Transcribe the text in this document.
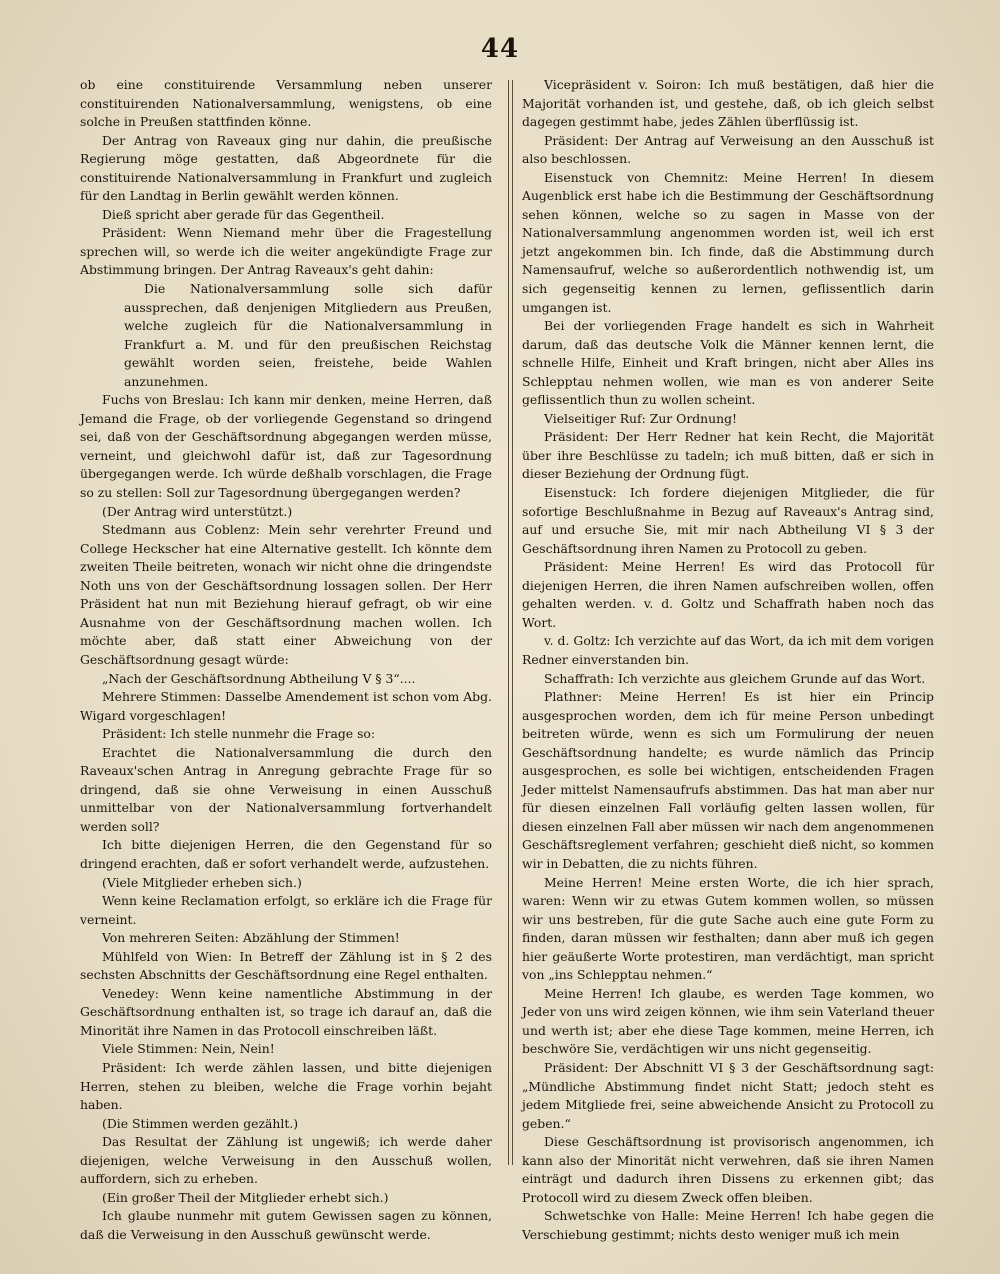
44

ob eine constituirende Versammlung neben unserer constituirenden Nationalversammlung, wenigstens, ob eine solche in Preußen stattfinden könne.

Der Antrag von Raveaux ging nur dahin, die preußische Regierung möge gestatten, daß Abgeordnete für die constituirende Nationalversammlung in Frankfurt und zugleich für den Landtag in Berlin gewählt werden können.

Dieß spricht aber gerade für das Gegentheil.

Präsident: Wenn Niemand mehr über die Fragestellung sprechen will, so werde ich die weiter angekündigte Frage zur Abstimmung bringen. Der Antrag Raveaux's geht dahin:

Die Nationalversammlung solle sich dafür aussprechen, daß denjenigen Mitgliedern aus Preußen, welche zugleich für die Nationalversammlung in Frankfurt a. M. und für den preußischen Reichstag gewählt worden seien, freistehe, beide Wahlen anzunehmen.

Fuchs von Breslau: Ich kann mir denken, meine Herren, daß Jemand die Frage, ob der vorliegende Gegenstand so dringend sei, daß von der Geschäftsordnung abgegangen werden müsse, verneint, und gleichwohl dafür ist, daß zur Tagesordnung übergegangen werde. Ich würde deßhalb vorschlagen, die Frage so zu stellen: Soll zur Tagesordnung übergegangen werden?

(Der Antrag wird unterstützt.)

Stedmann aus Coblenz: Mein sehr verehrter Freund und College Heckscher hat eine Alternative gestellt. Ich könnte dem zweiten Theile beitreten, wonach wir nicht ohne die dringendste Noth uns von der Geschäftsordnung lossagen sollen. Der Herr Präsident hat nun mit Beziehung hierauf gefragt, ob wir eine Ausnahme von der Geschäftsordnung machen wollen. Ich möchte aber, daß statt einer Abweichung von der Geschäftsordnung gesagt würde:

„Nach der Geschäftsordnung Abtheilung V § 3“....

Mehrere Stimmen: Dasselbe Amendement ist schon vom Abg. Wigard vorgeschlagen!

Präsident: Ich stelle nunmehr die Frage so:

Erachtet die Nationalversammlung die durch den Raveaux'schen Antrag in Anregung gebrachte Frage für so dringend, daß sie ohne Verweisung in einen Ausschuß unmittelbar von der Nationalversammlung fortverhandelt werden soll?

Ich bitte diejenigen Herren, die den Gegenstand für so dringend erachten, daß er sofort verhandelt werde, aufzustehen.

(Viele Mitglieder erheben sich.)

Wenn keine Reclamation erfolgt, so erkläre ich die Frage für verneint.

Von mehreren Seiten: Abzählung der Stimmen!

Mühlfeld von Wien: In Betreff der Zählung ist in § 2 des sechsten Abschnitts der Geschäftsordnung eine Regel enthalten.

Venedey: Wenn keine namentliche Abstimmung in der Geschäftsordnung enthalten ist, so trage ich darauf an, daß die Minorität ihre Namen in das Protocoll einschreiben läßt.

Viele Stimmen: Nein, Nein!

Präsident: Ich werde zählen lassen, und bitte diejenigen Herren, stehen zu bleiben, welche die Frage vorhin bejaht haben.

(Die Stimmen werden gezählt.)

Das Resultat der Zählung ist ungewiß; ich werde daher diejenigen, welche Verweisung in den Ausschuß wollen, auffordern, sich zu erheben.

(Ein großer Theil der Mitglieder erhebt sich.)

Ich glaube nunmehr mit gutem Gewissen sagen zu können, daß die Verweisung in den Ausschuß gewünscht werde.

Vicepräsident v. Soiron: Ich muß bestätigen, daß hier die Majorität vorhanden ist, und gestehe, daß, ob ich gleich selbst dagegen gestimmt habe, jedes Zählen überflüssig ist.

Präsident: Der Antrag auf Verweisung an den Ausschuß ist also beschlossen.

Eisenstuck von Chemnitz: Meine Herren! In diesem Augenblick erst habe ich die Bestimmung der Geschäftsordnung sehen können, welche so zu sagen in Masse von der Nationalversammlung angenommen worden ist, weil ich erst jetzt angekommen bin. Ich finde, daß die Abstimmung durch Namensaufruf, welche so außerordentlich nothwendig ist, um sich gegenseitig kennen zu lernen, geflissentlich darin umgangen ist.

Bei der vorliegenden Frage handelt es sich in Wahrheit darum, daß das deutsche Volk die Männer kennen lernt, die schnelle Hilfe, Einheit und Kraft bringen, nicht aber Alles ins Schlepptau nehmen wollen, wie man es von anderer Seite geflissentlich thun zu wollen scheint.

Vielseitiger Ruf: Zur Ordnung!

Präsident: Der Herr Redner hat kein Recht, die Majorität über ihre Beschlüsse zu tadeln; ich muß bitten, daß er sich in dieser Beziehung der Ordnung fügt.

Eisenstuck: Ich fordere diejenigen Mitglieder, die für sofortige Beschlußnahme in Bezug auf Raveaux's Antrag sind, auf und ersuche Sie, mit mir nach Abtheilung VI § 3 der Geschäftsordnung ihren Namen zu Protocoll zu geben.

Präsident: Meine Herren! Es wird das Protocoll für diejenigen Herren, die ihren Namen aufschreiben wollen, offen gehalten werden. v. d. Goltz und Schaffrath haben noch das Wort.

v. d. Goltz: Ich verzichte auf das Wort, da ich mit dem vorigen Redner einverstanden bin.

Schaffrath: Ich verzichte aus gleichem Grunde auf das Wort.

Plathner: Meine Herren! Es ist hier ein Princip ausgesprochen worden, dem ich für meine Person unbedingt beitreten würde, wenn es sich um Formulirung der neuen Geschäftsordnung handelte; es wurde nämlich das Princip ausgesprochen, es solle bei wichtigen, entscheidenden Fragen Jeder mittelst Namensaufrufs abstimmen. Das hat man aber nur für diesen einzelnen Fall vorläufig gelten lassen wollen, für diesen einzelnen Fall aber müssen wir nach dem angenommenen Geschäftsreglement verfahren; geschieht dieß nicht, so kommen wir in Debatten, die zu nichts führen.

Meine Herren! Meine ersten Worte, die ich hier sprach, waren: Wenn wir zu etwas Gutem kommen wollen, so müssen wir uns bestreben, für die gute Sache auch eine gute Form zu finden, daran müssen wir festhalten; dann aber muß ich gegen hier geäußerte Worte protestiren, man verdächtigt, man spricht von „ins Schlepptau nehmen.“

Meine Herren! Ich glaube, es werden Tage kommen, wo Jeder von uns wird zeigen können, wie ihm sein Vaterland theuer und werth ist; aber ehe diese Tage kommen, meine Herren, ich beschwöre Sie, verdächtigen wir uns nicht gegenseitig.

Präsident: Der Abschnitt VI § 3 der Geschäftsordnung sagt: „Mündliche Abstimmung findet nicht Statt; jedoch steht es jedem Mitgliede frei, seine abweichende Ansicht zu Protocoll zu geben.“

Diese Geschäftsordnung ist provisorisch angenommen, ich kann also der Minorität nicht verwehren, daß sie ihren Namen einträgt und dadurch ihren Dissens zu erkennen gibt; das Protocoll wird zu diesem Zweck offen bleiben.

Schwetschke von Halle: Meine Herren! Ich habe gegen die Verschiebung gestimmt; nichts desto weniger muß ich mein
